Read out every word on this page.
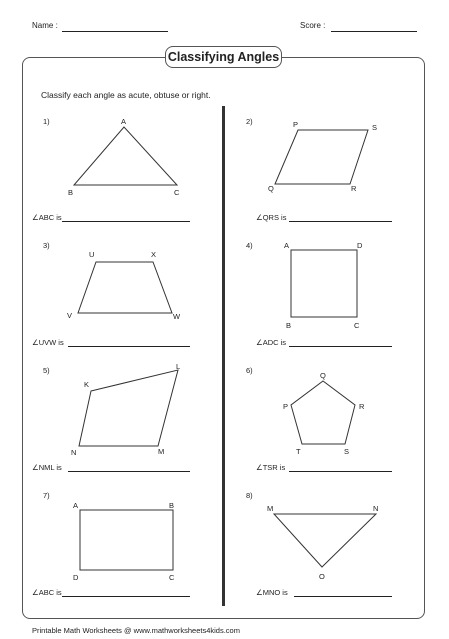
Name :	Score :
Classifying Angles
Classify each angle as acute, obtuse or right.
1)	A
B	C
∠ABC is
2)	P	S
Q	R
∠QRS is
3)
U	X
V	W
∠UVW is
4)	A	D
B	C
∠ADC is
5)	L
K
N	M
∠NML is
6)
Q
P	R
T	S
∠TSR is
7)
A	B
D	C
∠ABC is
8)
M	N
O
∠MNO is
Printable Math Worksheets @ www.mathworksheets4kids.com
